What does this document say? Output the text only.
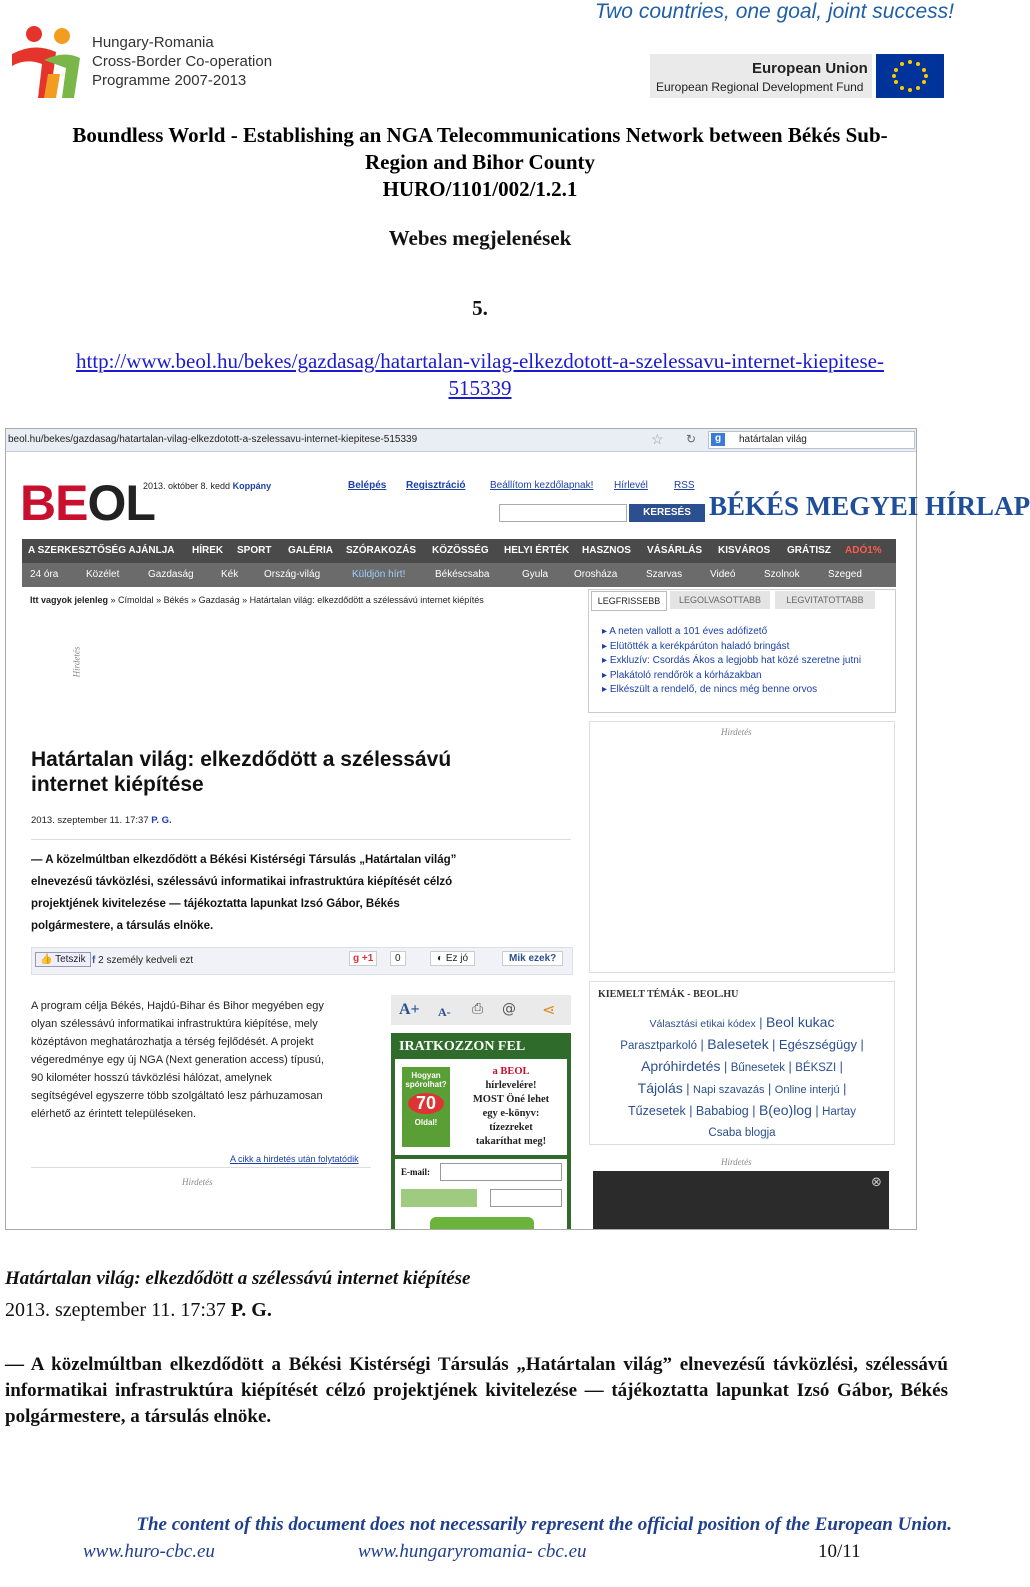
Two countries, one goal, joint success!
Hungary-Romania
Cross-Border Co-operation
Programme 2007-2013
European Union
European Regional Development Fund
Boundless World - Establishing an NGA Telecommunications Network between Békés Sub-
Region and Bihor County
HURO/1101/002/1.2.1
Webes megjelenések
5.
http://www.beol.hu/bekes/gazdasag/hatartalan-vilag-elkezdotott-a-szelessavu-internet-kiepitese-
515339
beol.hu/bekes/gazdasag/hatartalan-vilag-elkezdotott-a-szelessavu-internet-kiepitese-515339	☆ ↻	g	határtalan világ
BEOL
2013. október 8. kedd Koppány	Belépés Regisztráció Beállítom kezdőlapnak! Hírlevél	RSS
KERESÉS BÉKÉS MEGYEI HÍRLAP
A SZERKESZTŐSÉG AJÁNLJA HÍREK SPORT GALÉRIA SZÓRAKOZÁS KÖZÖSSÉG HELYI ÉRTÉK HASZNOS VÁSÁRLÁS KISVÁROS GRÁTISZ ADÓ1%
24 óra	Közélet	Gazdaság	Kék	Ország-világ	Küldjön hírt!	Békéscsaba	Gyula	Orosháza	Szarvas	Videó	Szolnok	Szeged
Itt vagyok jelenleg » Címoldal » Békés » Gazdaság » Határtalan világ: elkezdődött a szélessávú internet kiépítés	LEGFRISSEBB	LEGOLVASOTTABB	LEGVITATOTTABB
▸ A neten vallott a 101 éves adófizető
▸ Elütötték a kerékpárúton haladó bringást
▸ Exkluzív: Csordás Ákos a legjobb hat közé szeretne jutni
▸ Plakátoló rendőrök a kórházakban
▸ Elkészült a rendelő, de nincs még benne orvos
Hirdetés
Hirdetés
Határtalan világ: elkezdődött a szélessávú
internet kiépítése
2013. szeptember 11. 17:37 P. G.
— A közelmúltban elkezdődött a Békési Kistérségi Társulás „Határtalan világ”
elnevezésű távközlési, szélessávú informatikai infrastruktúra kiépítését célzó
projektjének kivitelezése — tájékoztatta lapunkat Izsó Gábor, Békés
polgármestere, a társulás elnöke.
👍 Tetszik f 2 személy kedveli ezt	g +1	0	◐ Ez jó	Mik ezek?
A program célja Békés, Hajdú-Bihar és Bihor megyében egy
olyan szélessávú informatikai infrastruktúra kiépítése, mely
középtávon meghatározhatja a térség fejlődését. A projekt
végeredménye egy új NGA (Next generation access) típusú,
90 kilométer hosszú távközlési hálózat, amelynek
segítségével egyszerre több szolgáltató lesz párhuzamosan
elérhető az érintett településeken.
A cikk a hirdetés után folytatódik
Hirdetés
A+ A- ⎙ @ ⋖
IRATKOZZON FEL
Hogyan spórolhat?
70
Oldal!
a BEOL
hírlevelére!
MOST Öné lehet
egy e-könyv:
tízezreket
takaríthat meg!
E-mail:
KIEMELT TÉMÁK - BEOL.HU
Választási etikai kódex | Beol kukac
Parasztparkoló | Balesetek | Egészségügy |
Apróhirdetés | Bűnesetek | BÉKSZI |
Tájolás | Napi szavazás | Online interjú |
Tűzesetek | Bababiog | B(eo)log | Hartay
Csaba blogja
Hirdetés
⊗
Határtalan világ: elkezdődött a szélessávú internet kiépítése
2013. szeptember 11. 17:37 P. G.
— A közelmúltban elkezdődött a Békési Kistérségi Társulás „Határtalan világ” elnevezésű távközlési, szélessávú informatikai infrastruktúra kiépítését célzó projektjének kivitelezése — tájékoztatta lapunkat Izsó Gábor, Békés polgármestere, a társulás elnöke.
The content of this document does not necessarily represent the official position of the European Union.
www.huro-cbc.eu	www.hungaryromania- cbc.eu	10/11
